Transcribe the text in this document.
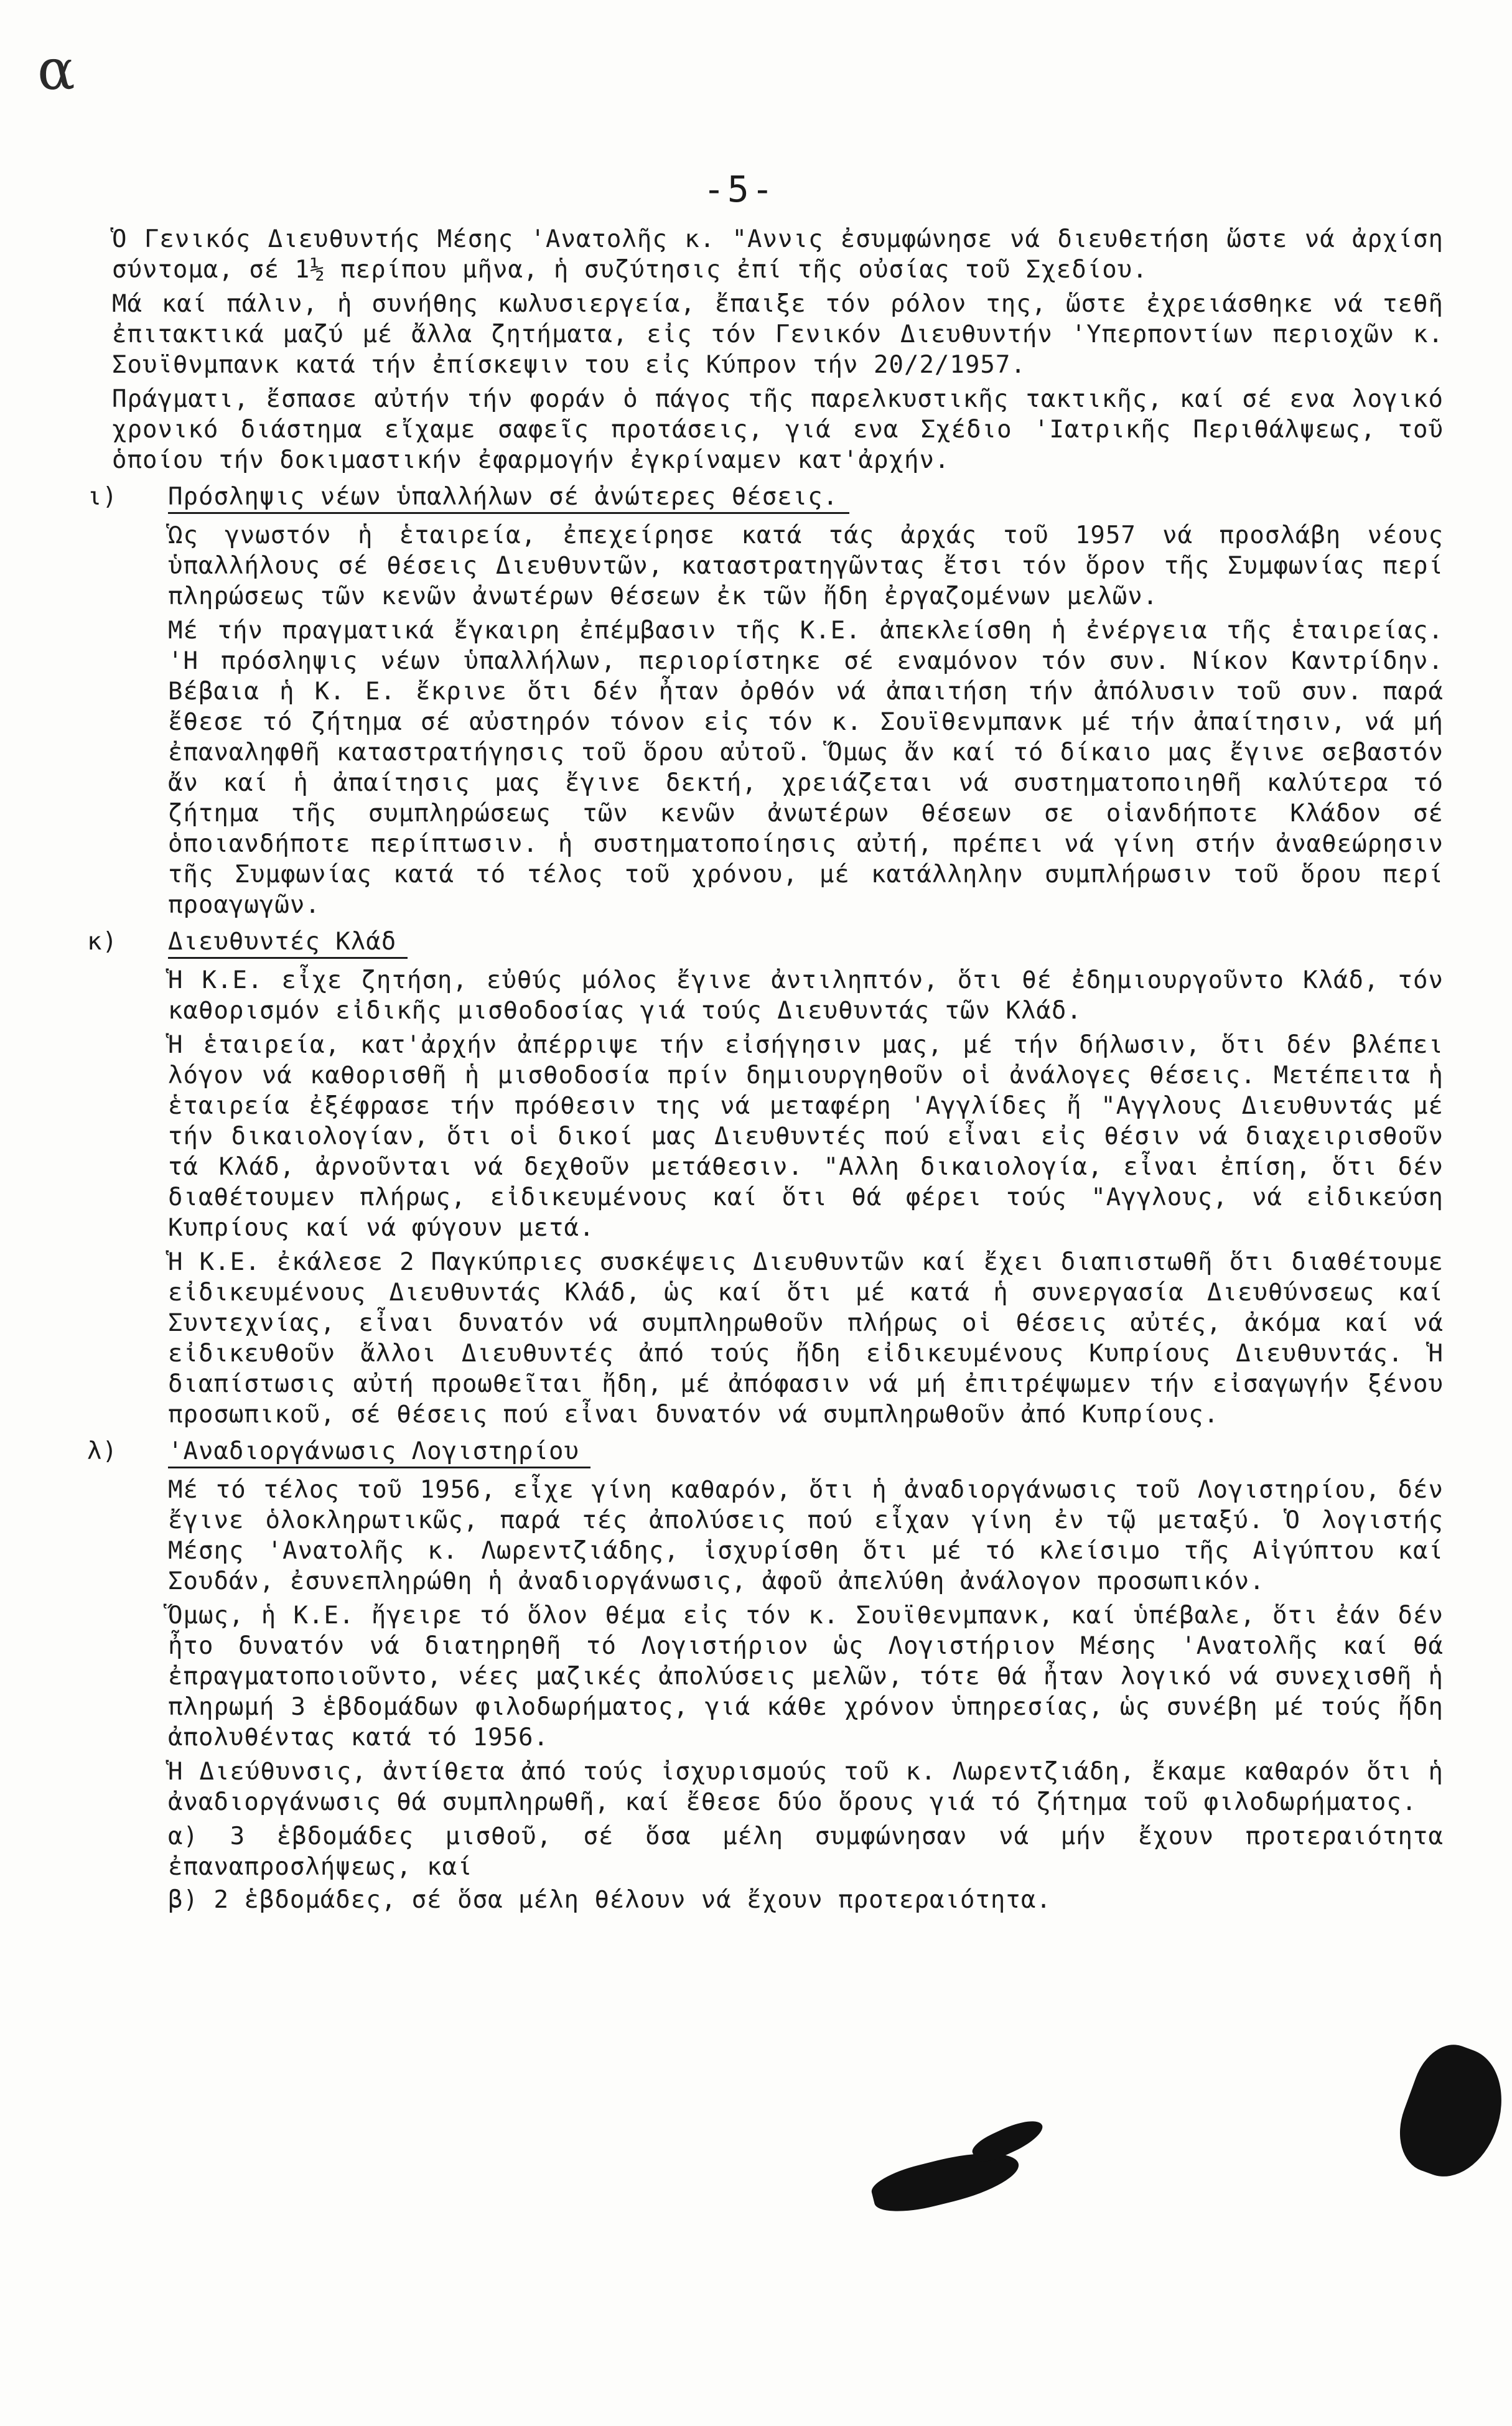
α
-5-

Ὁ Γενικός Διευθυντής Μέσης 'Ανατολῆς κ. "Αννις ἐσυμφώνησε νά διευθετήση ὥστε νά ἀρχίση σύντομα, σέ 1½ περίπου μῆνα, ἡ συζύτησις ἐπί τῆς οὐσίας τοῦ Σχεδίου.

Μά καί πάλιν, ἡ συνήθης κωλυσιεργεία, ἔπαιξε τόν ρόλον της, ὥστε ἐχρειάσθηκε νά τεθῆ ἐπιτακτικά μαζύ μέ ἄλλα ζητήματα, εἰς τόν Γενικόν Διευθυντήν 'Υπερποντίων περιοχῶν κ. Σουϊθνμπανκ κατά τήν ἐπίσκεψιν του εἰς Κύπρον τήν 20/2/1957.

Πράγματι, ἔσπασε αὐτήν τήν φοράν ὁ πάγος τῆς παρελκυστικῆς τακτικῆς, καί σέ ενα λογικό χρονικό διάστημα εἴχαμε σαφεῖς προτάσεις, γιά ενα Σχέδιο 'Ιατρικῆς Περιθάλψεως, τοῦ ὁποίου τήν δοκιμαστικήν ἐφαρμογήν ἐγκρίναμεν κατ'ἀρχήν.

ι)	Πρόσληψις νέων ὑπαλλήλων σέ ἀνώτερες θέσεις.

Ὡς γνωστόν ἡ ἑταιρεία, ἐπεχείρησε κατά τάς ἀρχάς τοῦ 1957 νά προσλάβη νέους ὑπαλλήλους σέ θέσεις Διευθυντῶν, καταστρατηγῶντας ἔτσι τόν ὅρον τῆς Συμφωνίας περί πληρώσεως τῶν κενῶν ἀνωτέρων θέσεων ἐκ τῶν ἤδη ἐργαζομένων μελῶν.

Μέ τήν πραγματικά ἔγκαιρη ἐπέμβασιν τῆς Κ.Ε. ἀπεκλείσθη ἡ ἐνέργεια τῆς ἑταιρείας. 'Η πρόσληψις νέων ὑπαλλήλων, περιορίστηκε σέ εναμόνον τόν συν. Νίκον Καντρίδην. Βέβαια ἡ Κ. Ε. ἔκρινε ὅτι δέν ἦταν ὀρθόν νά ἀπαιτήση τήν ἀπόλυσιν τοῦ συν. παρά ἔθεσε τό ζήτημα σέ αὐστηρόν τόνον εἰς τόν κ. Σουϊθενμπανκ μέ τήν ἀπαίτησιν, νά μή ἐπαναληφθῆ καταστρατήγησις τοῦ ὅρου αὐτοῦ. Ὅμως ἄν καί τό δίκαιο μας ἔγινε σεβαστόν ἄν καί ἡ ἀπαίτησις μας ἔγινε δεκτή, χρειάζεται νά συστηματοποιηθῆ καλύτερα τό ζήτημα τῆς συμπληρώσεως τῶν κενῶν ἀνωτέρων θέσεων σε οἱανδήποτε Κλάδον σέ ὁποιανδήποτε περίπτωσιν. ἡ συστηματοποίησις αὐτή, πρέπει νά γίνη στήν ἀναθεώρησιν τῆς Συμφωνίας κατά τό τέλος τοῦ χρόνου, μέ κατάλληλην συμπλήρωσιν τοῦ ὅρου περί προαγωγῶν.

κ)	Διευθυντές Κλάδ

Ἡ Κ.Ε. εἶχε ζητήση, εὐθύς μόλος ἔγινε ἀντιληπτόν, ὅτι θέ ἐδημιουργοῦντο Κλάδ, τόν καθορισμόν εἰδικῆς μισθοδοσίας γιά τούς Διευθυντάς τῶν Κλάδ.

Ἡ ἑταιρεία, κατ'ἀρχήν ἀπέρριψε τήν εἰσήγησιν μας, μέ τήν δήλωσιν, ὅτι δέν βλέπει λόγον νά καθορισθῆ ἡ μισθοδοσία πρίν δημιουργηθοῦν οἱ ἀνάλογες θέσεις. Μετέπειτα ἡ ἑταιρεία ἐξέφρασε τήν πρόθεσιν της νά μεταφέρη 'Αγγλίδες ἤ "Αγγλους Διευθυντάς μέ τήν δικαιολογίαν, ὅτι οἱ δικοί μας Διευθυντές πού εἶναι εἰς θέσιν νά διαχειρισθοῦν τά Κλάδ, ἀρνοῦνται νά δεχθοῦν μετάθεσιν. "Αλλη δικαιολογία, εἶναι ἐπίση, ὅτι δέν διαθέτουμεν πλήρως, εἰδικευμένους καί ὅτι θά φέρει τούς "Αγγλους, νά εἰδικεύση Κυπρίους καί νά φύγουν μετά.

Ἡ Κ.Ε. ἐκάλεσε 2 Παγκύπριες συσκέψεις Διευθυντῶν καί ἔχει διαπιστωθῆ ὅτι διαθέτουμε εἰδικευμένους Διευθυντάς Κλάδ, ὡς καί ὅτι μέ κατά ἡ συνεργασία Διευθύνσεως καί Συντεχνίας, εἶναι δυνατόν νά συμπληρωθοῦν πλήρως οἱ θέσεις αὐτές, ἀκόμα καί νά εἰδικευθοῦν ἄλλοι Διευθυντές ἀπό τούς ἤδη εἰδικευμένους Κυπρίους Διευθυντάς. Ἡ διαπίστωσις αὐτή προωθεῖται ἤδη, μέ ἀπόφασιν νά μή ἐπιτρέψωμεν τήν εἰσαγωγήν ξένου προσωπικοῦ, σέ θέσεις πού εἶναι δυνατόν νά συμπληρωθοῦν ἀπό Κυπρίους.

λ)	'Αναδιοργάνωσις Λογιστηρίου

Μέ τό τέλος τοῦ 1956, εἶχε γίνη καθαρόν, ὅτι ἡ ἀναδιοργάνωσις τοῦ Λογιστηρίου, δέν ἔγινε ὁλοκληρωτικῶς, παρά τές ἀπολύσεις πού εἶχαν γίνη ἐν τῷ μεταξύ. Ὁ λογιστής Μέσης 'Ανατολῆς κ. Λωρεντζιάδης, ἰσχυρίσθη ὅτι μέ τό κλείσιμο τῆς Αἰγύπτου καί Σουδάν, ἐσυνεπληρώθη ἡ ἀναδιοργάνωσις, ἀφοῦ ἀπελύθη ἀνάλογον προσωπικόν.

Ὅμως, ἡ Κ.Ε. ἤγειρε τό ὅλον θέμα εἰς τόν κ. Σουϊθενμπανκ, καί ὑπέβαλε, ὅτι ἐάν δέν ἦτο δυνατόν νά διατηρηθῆ τό Λογιστήριον ὡς Λογιστήριον Μέσης 'Ανατολῆς καί θά ἐπραγματοποιοῦντο, νέες μαζικές ἀπολύσεις μελῶν, τότε θά ἦταν λογικό νά συνεχισθῆ ἡ πληρωμή 3 ἑβδομάδων φιλοδωρήματος, γιά κάθε χρόνον ὑπηρεσίας, ὡς συνέβη μέ τούς ἤδη ἀπολυθέντας κατά τό 1956.

Ἡ Διεύθυνσις, ἀντίθετα ἀπό τούς ἰσχυρισμούς τοῦ κ. Λωρεντζιάδη, ἔκαμε καθαρόν ὅτι ἡ ἀναδιοργάνωσις θά συμπληρωθῆ, καί ἔθεσε δύο ὅρους γιά τό ζήτημα τοῦ φιλοδωρήματος.

α) 3 ἑβδομάδες μισθοῦ, σέ ὅσα μέλη συμφώνησαν νά μήν ἔχουν προτεραιότητα ἐπαναπροσλήψεως, καί

β) 2 ἑβδομάδες, σέ ὅσα μέλη θέλουν νά ἔχουν προτεραιότητα.
